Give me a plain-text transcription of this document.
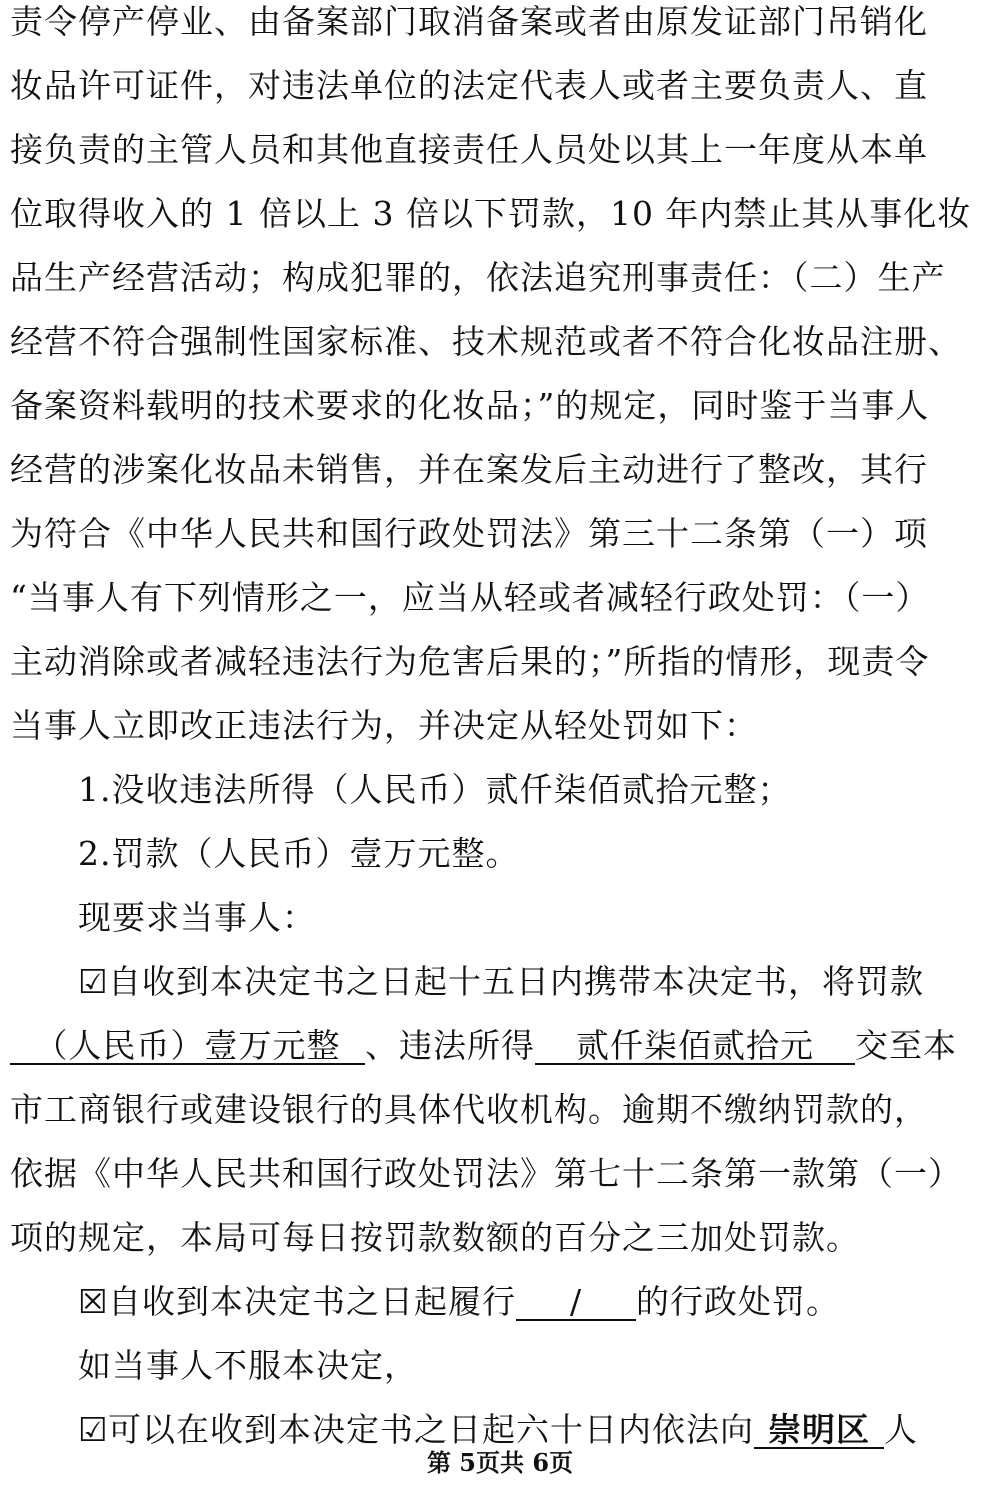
责令停产停业、由备案部门取消备案或者由原发证部门吊销化
妆品许可证件，对违法单位的法定代表人或者主要负责人、直
接负责的主管人员和其他直接责任人员处以其上一年度从本单
位取得收入的 1 倍以上 3 倍以下罚款，10 年内禁止其从事化妆
品生产经营活动；构成犯罪的，依法追究刑事责任：（二）生产
经营不符合强制性国家标准、技术规范或者不符合化妆品注册、
备案资料载明的技术要求的化妆品；”的规定，同时鉴于当事人
经营的涉案化妆品未销售，并在案发后主动进行了整改，其行
为符合《中华人民共和国行政处罚法》第三十二条第（一）项
“当事人有下列情形之一，应当从轻或者减轻行政处罚：（一）
主动消除或者减轻违法行为危害后果的；”所指的情形，现责令
当事人立即改正违法行为，并决定从轻处罚如下：
1.没收违法所得（人民币）贰仟柒佰贰拾元整；
2.罚款（人民币）壹万元整。
现要求当事人：
☑自收到本决定书之日起十五日内携带本决定书，将罚款
（人民币）壹万元整 、违法所得 贰仟柒佰贰拾元 交至本
市工商银行或建设银行的具体代收机构。逾期不缴纳罚款的，
依据《中华人民共和国行政处罚法》第七十二条第一款第（一）
项的规定，本局可每日按罚款数额的百分之三加处罚款。
☒自收到本决定书之日起履行 / 的行政处罚。
如当事人不服本决定，
☑可以在收到本决定书之日起六十日内依法向 崇明区 人
第 5页共 6页
